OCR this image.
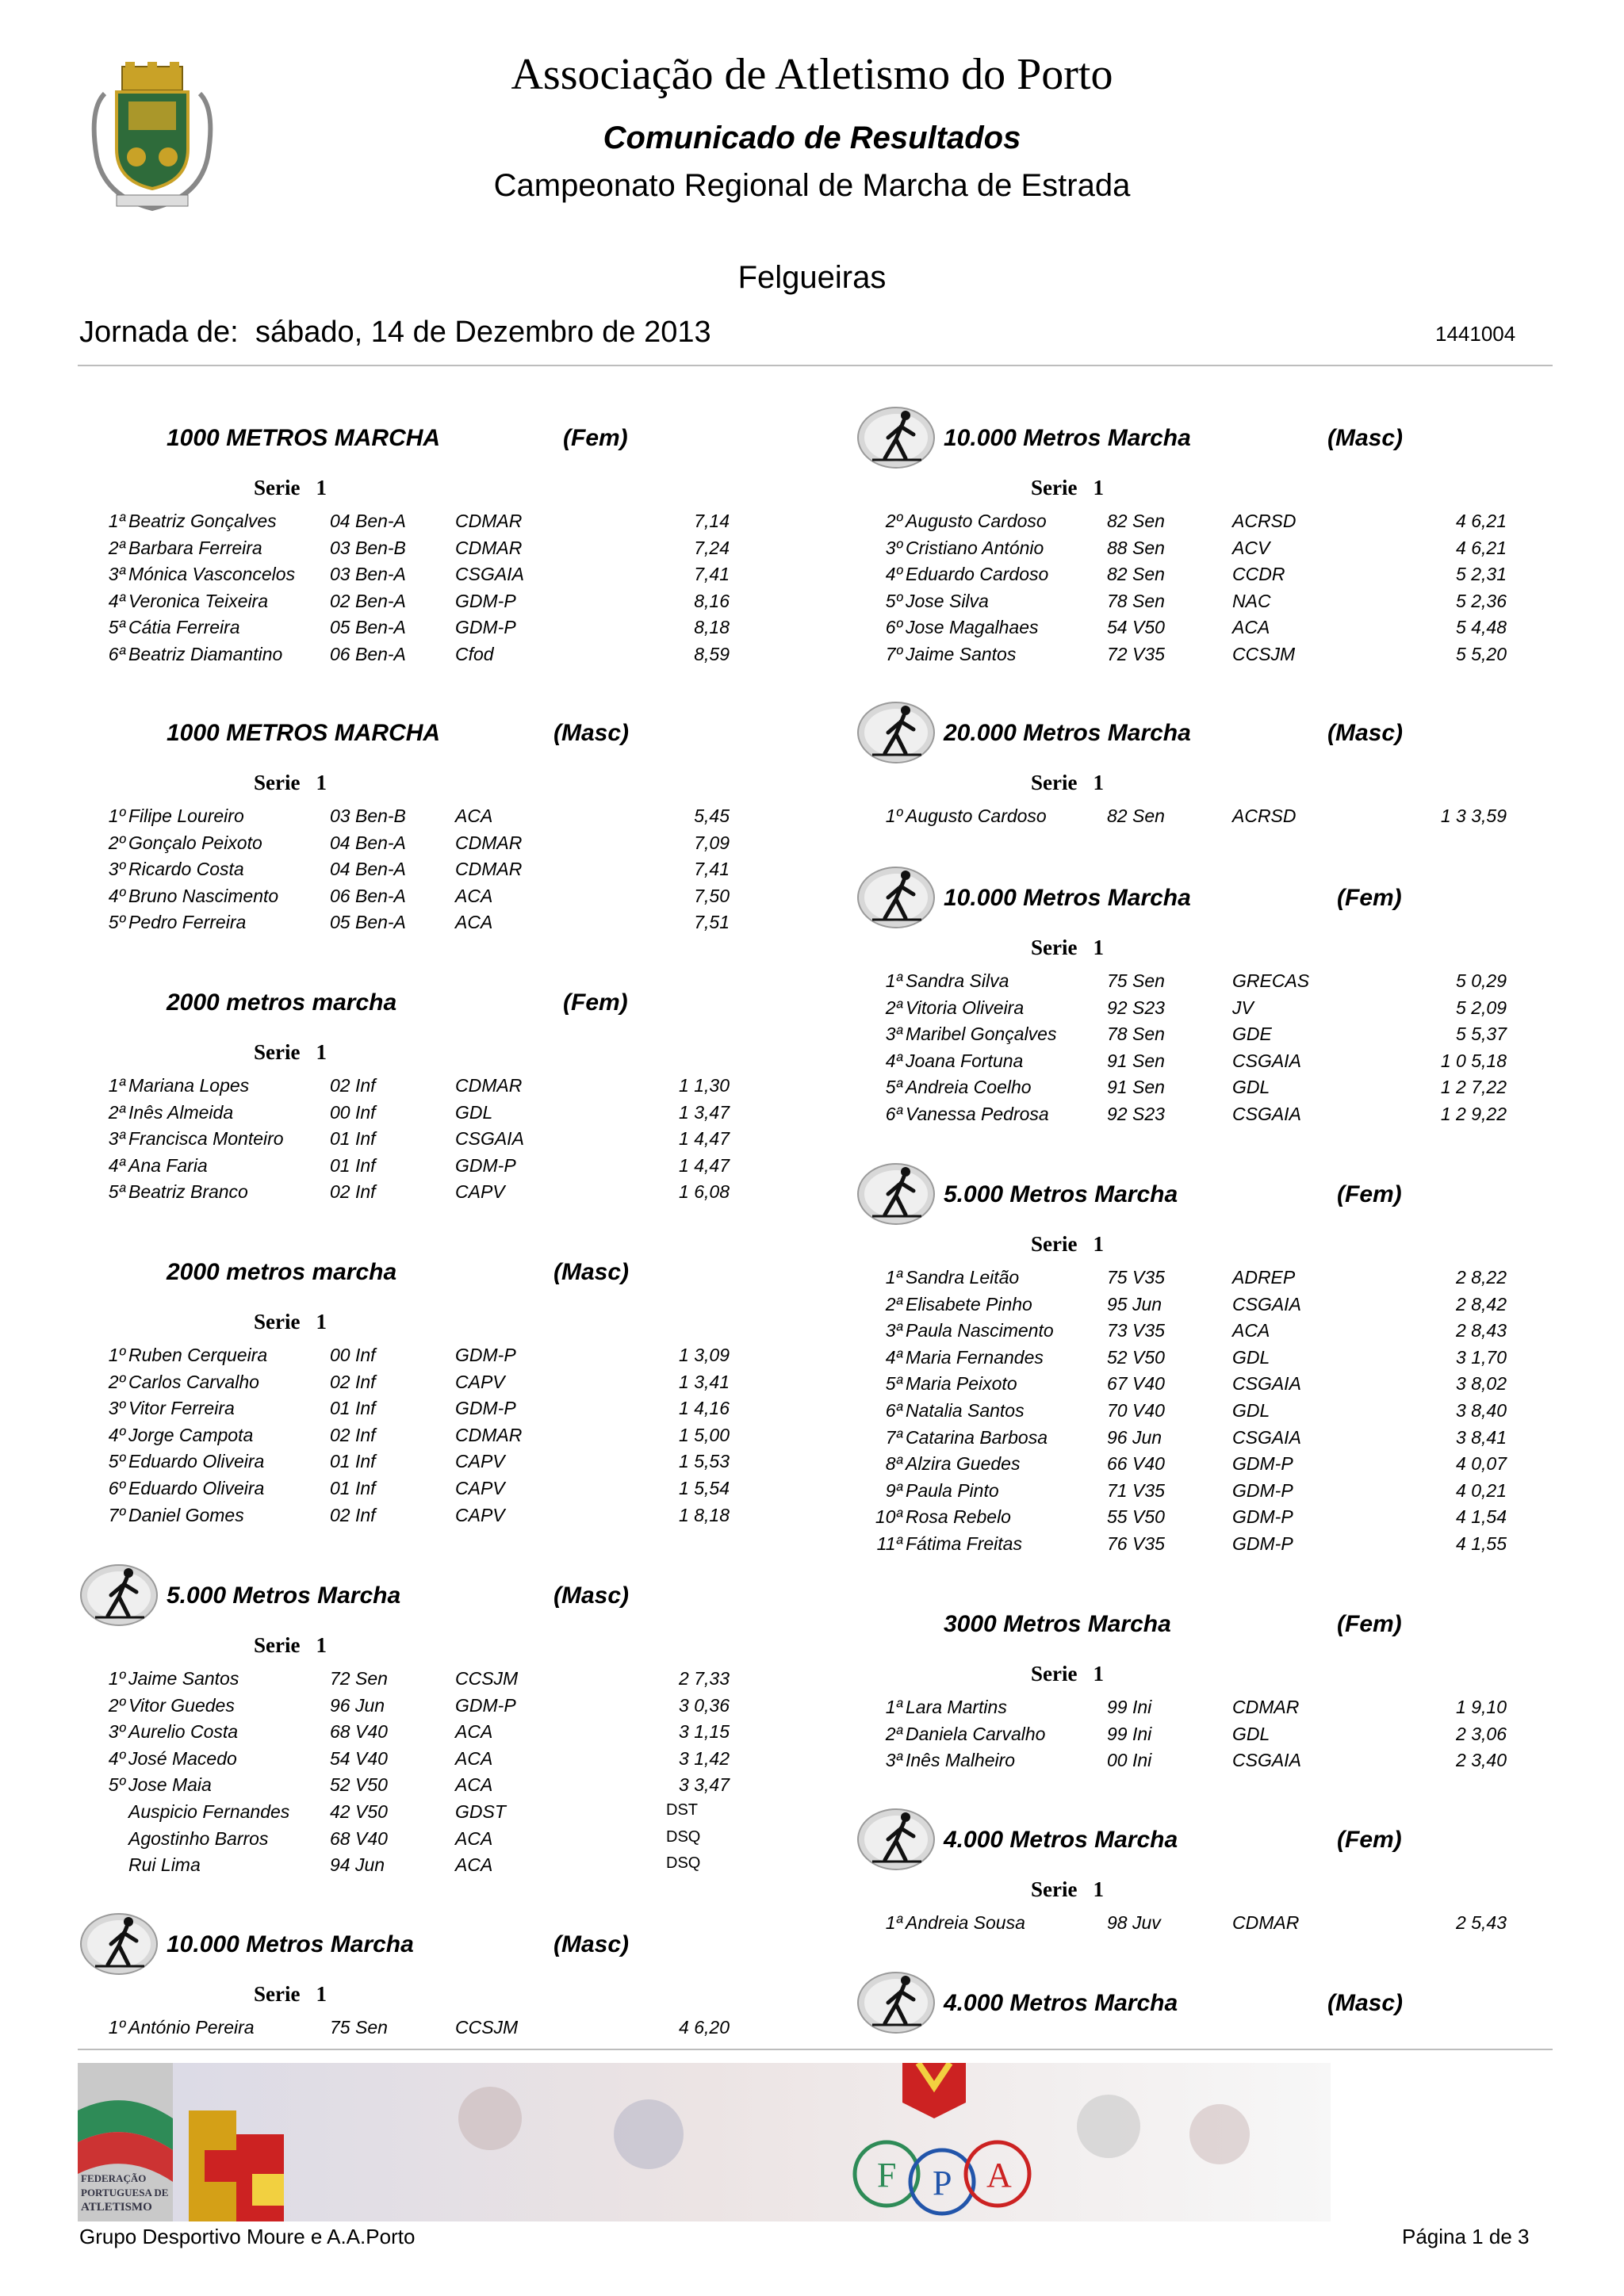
Associação de Atletismo do Porto
Comunicado de Resultados
Campeonato Regional de Marcha de Estrada
Felgueiras
Jornada de: sábado, 14 de Dezembro de 2013	1441004
1000 METROS MARCHA	(Fem)
Serie 1
1ª Beatriz Gonçalves	04 Ben-A	CDMAR	7,14
2ª Barbara Ferreira	03 Ben-B	CDMAR	7,24
3ª Mónica Vasconcelos 03 Ben-A	CSGAIA	7,41
4ª Veronica Teixeira	02 Ben-A	GDM-P	8,16
5ª Cátia Ferreira	05 Ben-A	GDM-P	8,18
6ª Beatriz Diamantino	06 Ben-A	Cfod	8,59
1000 METROS MARCHA	(Masc)
Serie 1
1º Filipe Loureiro	03 Ben-B	ACA	5,45
2º Gonçalo Peixoto	04 Ben-A	CDMAR	7,09
3º Ricardo Costa	04 Ben-A	CDMAR	7,41
4º Bruno Nascimento	06 Ben-A	ACA	7,50
5º Pedro Ferreira	05 Ben-A	ACA	7,51
2000 metros marcha	(Fem)
Serie 1
1ª Mariana Lopes	02 Inf	CDMAR	1 1,30
2ª Inês Almeida	00 Inf	GDL	1 3,47
3ª Francisca Monteiro	01 Inf	CSGAIA	1 4,47
4ª Ana Faria	01 Inf	GDM-P	1 4,47
5ª Beatriz Branco	02 Inf	CAPV	1 6,08
2000 metros marcha	(Masc)
Serie 1
1º Ruben Cerqueira	00 Inf	GDM-P	1 3,09
2º Carlos Carvalho	02 Inf	CAPV	1 3,41
3º Vitor Ferreira	01 Inf	GDM-P	1 4,16
4º Jorge Campota	02 Inf	CDMAR	1 5,00
5º Eduardo Oliveira	01 Inf	CAPV	1 5,53
6º Eduardo Oliveira	01 Inf	CAPV	1 5,54
7º Daniel Gomes	02 Inf	CAPV	1 8,18
5.000 Metros Marcha	(Masc)
Serie 1
1º Jaime Santos	72 Sen	CCSJM	2 7,33
2º Vitor Guedes	96 Jun	GDM-P	3 0,36
3º Aurelio Costa	68 V40	ACA	3 1,15
4º José Macedo	54 V40	ACA	3 1,42
5º Jose Maia	52 V50	ACA	3 3,47
Auspicio Fernandes 42 V50	GDST	DST
Agostinho Barros	68 V40	ACA	DSQ
Rui Lima	94 Jun	ACA	DSQ
10.000 Metros Marcha	(Masc)
Serie 1
1º António Pereira	75 Sen	CCSJM	4 6,20
10.000 Metros Marcha	(Masc)
Serie 1
2º Augusto Cardoso	82 Sen	ACRSD	4 6,21
3º Cristiano António	88 Sen	ACV	4 6,21
4º Eduardo Cardoso	82 Sen	CCDR	5 2,31
5º Jose Silva	78 Sen	NAC	5 2,36
6º Jose Magalhaes	54 V50	ACA	5 4,48
7º Jaime Santos	72 V35	CCSJM	5 5,20
20.000 Metros Marcha	(Masc)
Serie 1
1º Augusto Cardoso	82 Sen	ACRSD	1 3 3,59
10.000 Metros Marcha	(Fem)
Serie 1
1ª Sandra Silva	75 Sen	GRECAS	5 0,29
2ª Vitoria Oliveira	92 S23	JV	5 2,09
3ª Maribel Gonçalves	78 Sen	GDE	5 5,37
4ª Joana Fortuna	91 Sen	CSGAIA	1 0 5,18
5ª Andreia Coelho	91 Sen	GDL	1 2 7,22
6ª Vanessa Pedrosa	92 S23	CSGAIA	1 2 9,22
5.000 Metros Marcha	(Fem)
Serie 1
1ª Sandra Leitão	75 V35	ADREP	2 8,22
2ª Elisabete Pinho	95 Jun	CSGAIA	2 8,42
3ª Paula Nascimento	73 V35	ACA	2 8,43
4ª Maria Fernandes	52 V50	GDL	3 1,70
5ª Maria Peixoto	67 V40	CSGAIA	3 8,02
6ª Natalia Santos	70 V40	GDL	3 8,40
7ª Catarina Barbosa	96 Jun	CSGAIA	3 8,41
8ª Alzira Guedes	66 V40	GDM-P	4 0,07
9ª Paula Pinto	71 V35	GDM-P	4 0,21
10ª Rosa Rebelo	55 V50	GDM-P	4 1,54
11ª Fátima Freitas	76 V35	GDM-P	4 1,55
3000 Metros Marcha	(Fem)
Serie 1
1ª Lara Martins	99 Ini	CDMAR	1 9,10
2ª Daniela Carvalho	99 Ini	GDL	2 3,06
3ª Inês Malheiro	00 Ini	CSGAIA	2 3,40
4.000 Metros Marcha	(Fem)
Serie 1
1ª Andreia Sousa	98 Juv	CDMAR	2 5,43
4.000 Metros Marcha	(Masc)
F P A
FEDERAÇÃO
PORTUGUESA DE
ATLETISMO
Grupo Desportivo Moure e A.A.Porto	Página 1 de 3
